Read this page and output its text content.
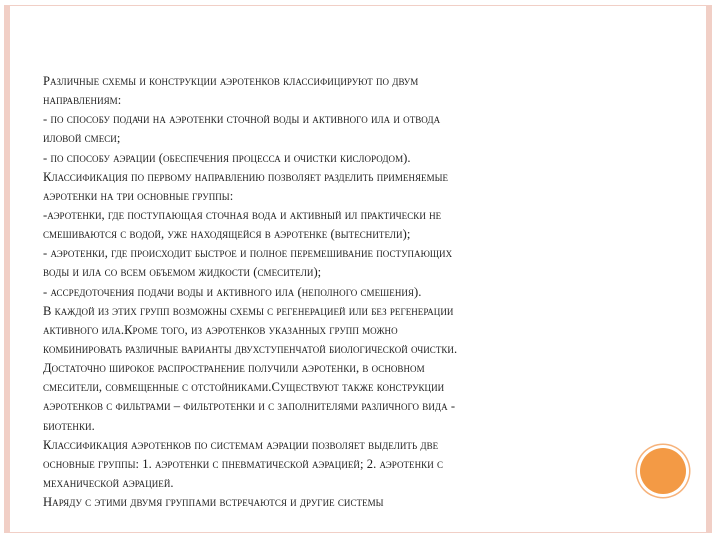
Различные схемы и конструкции аэротенков классифицируют по двум
направлениям:
- по способу подачи на аэротенки сточной воды и активного ила и отвода
иловой смеси;
- по способу аэрации (обеспечения процесса и очистки кислородом).
Классификация по первому направлению позволяет разделить применяемые
аэротенки на три основные группы:
-аэротенки, где поступающая сточная вода и активный ил практически не
смешиваются с водой, уже находящейся в аэротенке (вытеснители);
- аэротенки, где происходит быстрое и полное перемешивание поступающих
воды и ила со всем объемом жидкости (смесители);
- ассредоточения подачи воды и активного ила (неполного смешения).
В каждой из этих групп возможны схемы с регенерацией или без регенерации
активного ила.Кроме того, из аэротенков указанных групп можно
комбинировать различные варианты двухступенчатой биологической очистки.
Достаточно широкое распространение получили аэротенки, в основном
смесители, совмещенные с отстойниками.Существуют также конструкции
аэротенков с фильтрами – фильтротенки и с заполнителями различного вида -
биотенки.
Классификация аэротенков по системам аэрации позволяет выделить две
основные группы: 1. аэротенки с пневматической аэрацией; 2. аэротенки с
механической аэрацией.
Наряду с этими двумя группами встречаются и другие системы
